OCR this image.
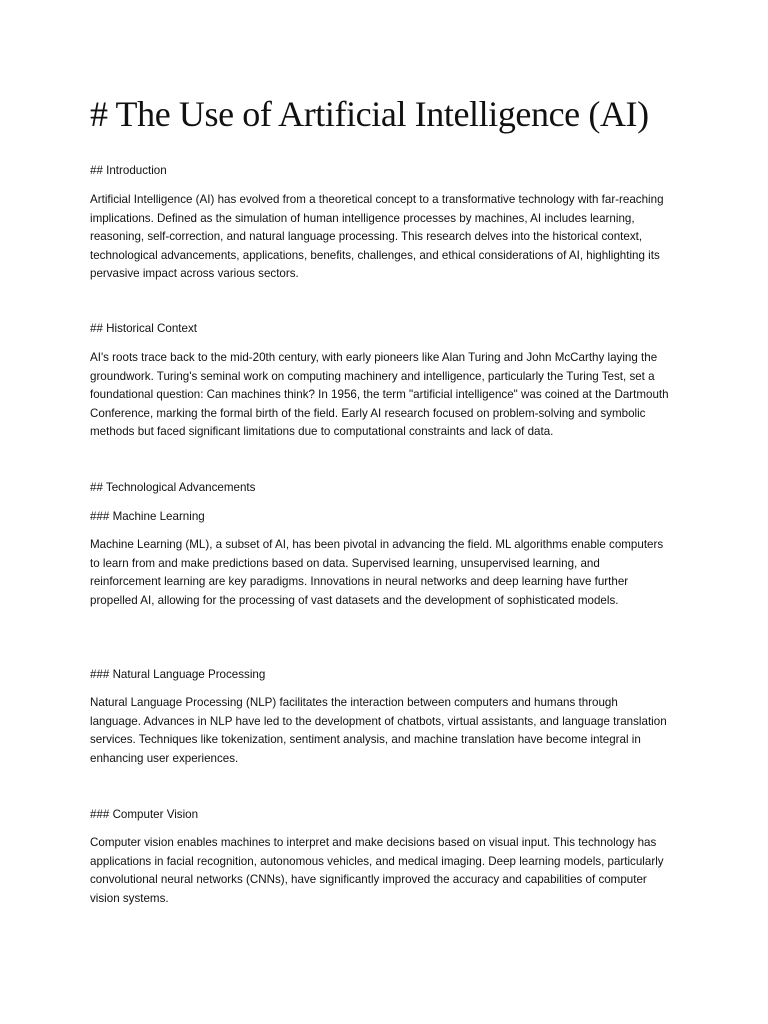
# The Use of Artificial Intelligence (AI)

## Introduction

Artificial Intelligence (AI) has evolved from a theoretical concept to a transformative technology with far-reaching implications. Defined as the simulation of human intelligence processes by machines, AI includes learning, reasoning, self-correction, and natural language processing. This research delves into the historical context, technological advancements, applications, benefits, challenges, and ethical considerations of AI, highlighting its pervasive impact across various sectors.

## Historical Context

AI's roots trace back to the mid-20th century, with early pioneers like Alan Turing and John McCarthy laying the groundwork. Turing's seminal work on computing machinery and intelligence, particularly the Turing Test, set a foundational question: Can machines think? In 1956, the term "artificial intelligence" was coined at the Dartmouth Conference, marking the formal birth of the field. Early AI research focused on problem-solving and symbolic methods but faced significant limitations due to computational constraints and lack of data.

## Technological Advancements

### Machine Learning

Machine Learning (ML), a subset of AI, has been pivotal in advancing the field. ML algorithms enable computers to learn from and make predictions based on data. Supervised learning, unsupervised learning, and reinforcement learning are key paradigms. Innovations in neural networks and deep learning have further propelled AI, allowing for the processing of vast datasets and the development of sophisticated models.

### Natural Language Processing

Natural Language Processing (NLP) facilitates the interaction between computers and humans through language. Advances in NLP have led to the development of chatbots, virtual assistants, and language translation services. Techniques like tokenization, sentiment analysis, and machine translation have become integral in enhancing user experiences.

### Computer Vision

Computer vision enables machines to interpret and make decisions based on visual input. This technology has applications in facial recognition, autonomous vehicles, and medical imaging. Deep learning models, particularly convolutional neural networks (CNNs), have significantly improved the accuracy and capabilities of computer vision systems.
